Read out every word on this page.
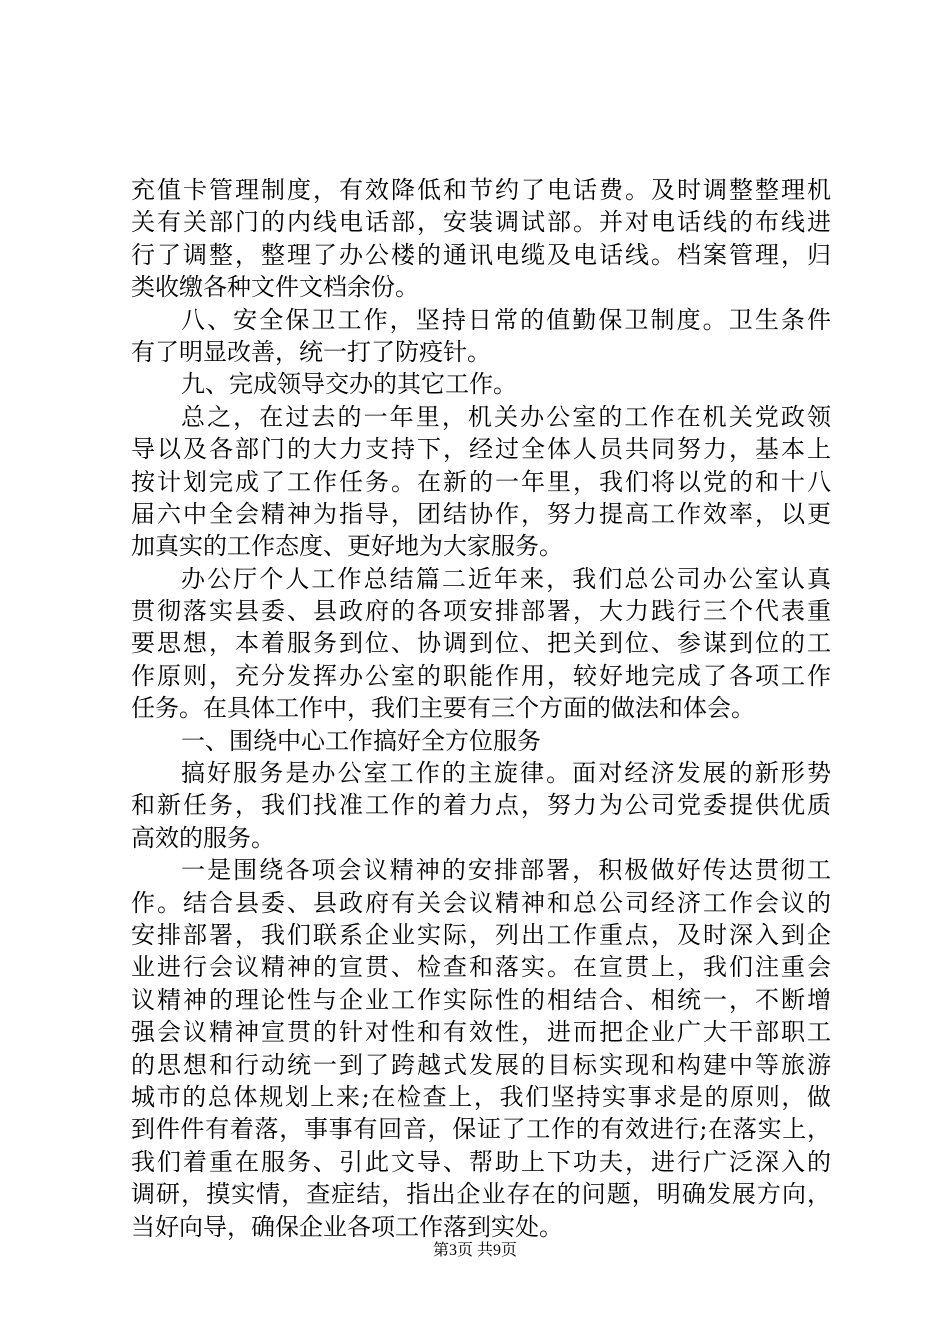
充值卡管理制度，有效降低和节约了电话费。及时调整整理机
关有关部门的内线电话部，安装调试部。并对电话线的布线进
行了调整，整理了办公楼的通讯电缆及电话线。档案管理，归
类收缴各种文件文档余份。
八、安全保卫工作，坚持日常的值勤保卫制度。卫生条件
有了明显改善，统一打了防疫针。
九、完成领导交办的其它工作。
总之，在过去的一年里，机关办公室的工作在机关党政领
导以及各部门的大力支持下，经过全体人员共同努力，基本上
按计划完成了工作任务。在新的一年里，我们将以党的和十八
届六中全会精神为指导，团结协作，努力提高工作效率，以更
加真实的工作态度、更好地为大家服务。
办公厅个人工作总结篇二近年来，我们总公司办公室认真
贯彻落实县委、县政府的各项安排部署，大力践行三个代表重
要思想，本着服务到位、协调到位、把关到位、参谋到位的工
作原则，充分发挥办公室的职能作用，较好地完成了各项工作
任务。在具体工作中，我们主要有三个方面的做法和体会。
一、围绕中心工作搞好全方位服务
搞好服务是办公室工作的主旋律。面对经济发展的新形势
和新任务，我们找准工作的着力点，努力为公司党委提供优质
高效的服务。
一是围绕各项会议精神的安排部署，积极做好传达贯彻工
作。结合县委、县政府有关会议精神和总公司经济工作会议的
安排部署，我们联系企业实际，列出工作重点，及时深入到企
业进行会议精神的宣贯、检查和落实。在宣贯上，我们注重会
议精神的理论性与企业工作实际性的相结合、相统一，不断增
强会议精神宣贯的针对性和有效性，进而把企业广大干部职工
的思想和行动统一到了跨越式发展的目标实现和构建中等旅游
城市的总体规划上来;在检查上，我们坚持实事求是的原则，做
到件件有着落，事事有回音，保证了工作的有效进行;在落实上，
我们着重在服务、引此文导、帮助上下功夫，进行广泛深入的
调研，摸实情，查症结，指出企业存在的问题，明确发展方向，
当好向导，确保企业各项工作落到实处。
第3页 共9页
